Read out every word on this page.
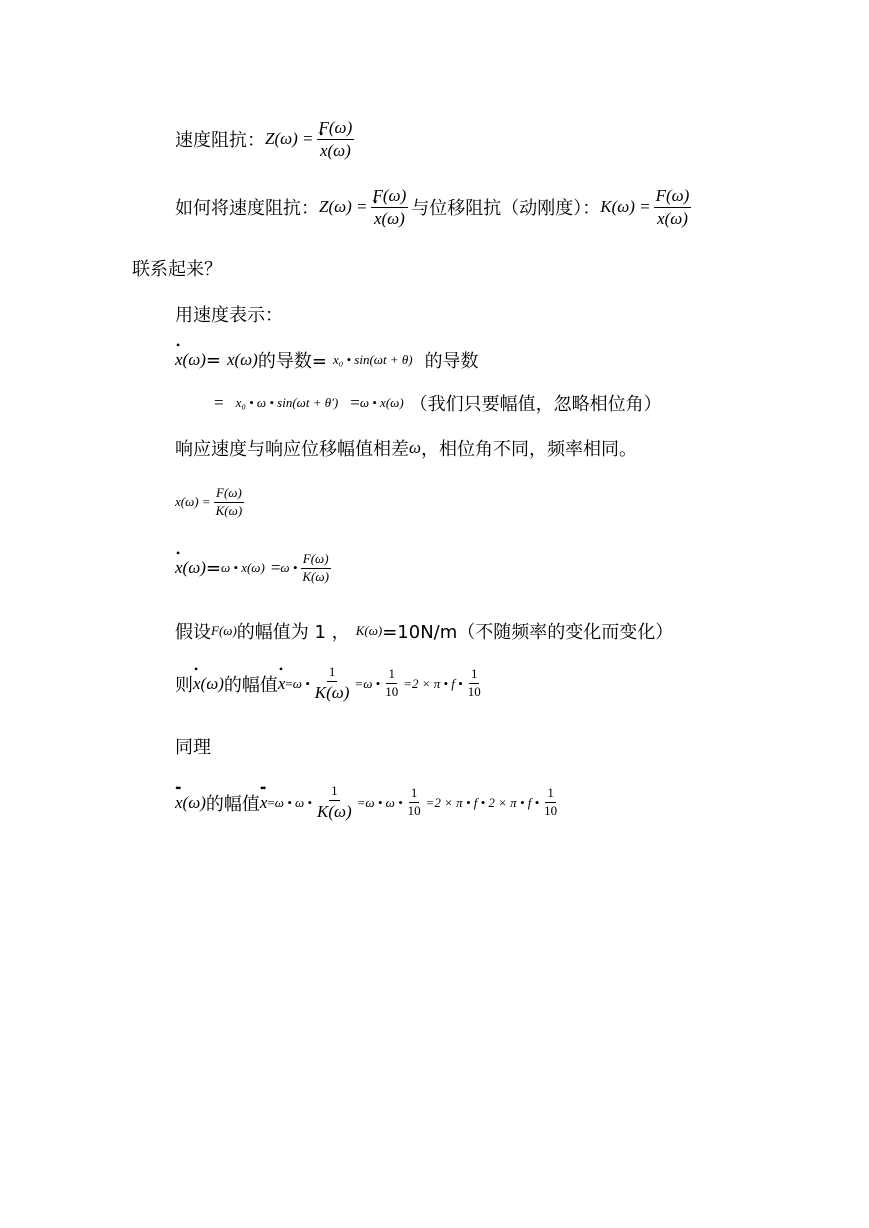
速度阻抗： Z(ω) = F(ω)
• x(ω)
如何将速度阻抗： Z(ω) = F(ω)
• x(ω) 与位移阻抗（动刚度）： $K(\omega) = \frac{F(\omega)}{x(\omega)}$
联系起来？
用速度表示：
• x(ω) = x(ω) 的导数= x₀ • sin(ωt + θ) 的导数
= x₀ • ω • sin(ωt + θ') = ω • x(ω) （我们只要幅值，忽略相位角）
响应速度与响应位移幅值相差 ω ，相位角不同，频率相同。
$x(\omega) = \frac{F(\omega)}{K(\omega)}$
• x(ω) = ω • x(ω) = ω • $\frac{F(\omega)}{K(\omega)}$
假设 F(ω) 的幅值为 1 ， K(ω) =10N/m（不随频率的变化而变化）
则 • x(ω) 的幅值 • x = ω • $\frac{1}{K(\omega)} =\omega$ • $\frac{1}{10} =2 \times \pi$ • f • $\frac{1}{10}$
同理
•• x(ω) 的幅值 •• x = ω • ω • $\frac{1}{K(\omega)} =\omega$ • ω • $\frac{1}{10} =2 \times \pi$ • f • 2 × π • f • $\frac{1}{10}$
